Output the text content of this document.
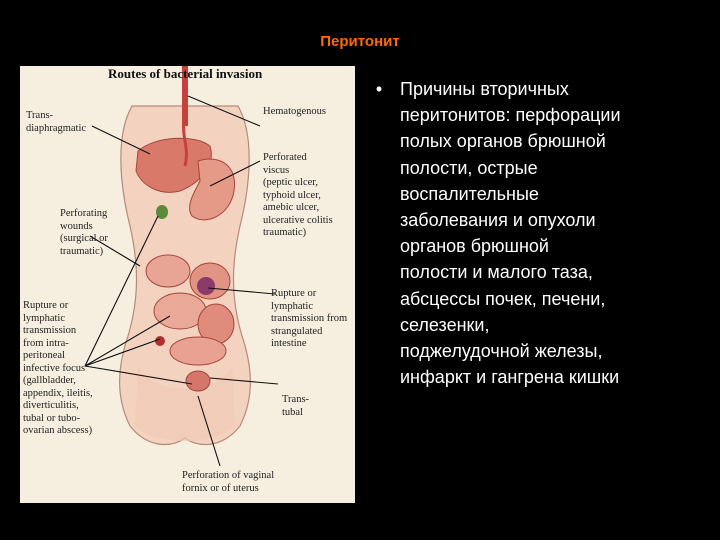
Перитонит
Routes of bacterial invasion
Trans-
diaphragmatic
Hematogenous
Perforated
viscus
(peptic ulcer,
typhoid ulcer,
amebic ulcer,
ulcerative colitis
traumatic)
Perforating
wounds
(surgical or
traumatic)
Rupture or
lymphatic
transmission
from intra-
peritoneal
infective focus
(gallbladder,
appendix, ileitis,
diverticulitis,
tubal or tubo-
ovarian abscess)
Rupture or
lymphatic
transmission from
strangulated
intestine
Trans-
tubal
Perforation of vaginal
fornix or of uterus
• Причины вторичных
перитонитов: перфорации
полых органов брюшной
полости, острые
воспалительные
заболевания и опухоли
органов брюшной
полости и малого таза,
абсцессы почек, печени,
селезенки,
поджелудочной железы,
инфаркт и гангрена кишки
